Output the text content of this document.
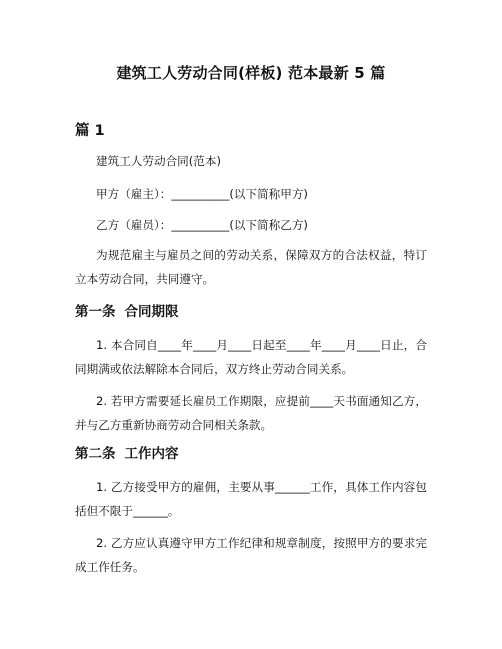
建筑工人劳动合同(样板) 范本最新 5 篇
篇 1
建筑工人劳动合同(范本)
甲方（雇主）：__________(以下简称甲方)
乙方（雇员）：__________(以下简称乙方)
为规范雇主与雇员之间的劳动关系，保障双方的合法权益，特订立本劳动合同，共同遵守。
第一条 合同期限
1. 本合同自____年____月____日起至____年____月____日止，合同期满或依法解除本合同后，双方终止劳动合同关系。
2. 若甲方需要延长雇员工作期限，应提前____天书面通知乙方，并与乙方重新协商劳动合同相关条款。
第二条 工作内容
1. 乙方接受甲方的雇佣，主要从事______工作，具体工作内容包括但不限于______。
2. 乙方应认真遵守甲方工作纪律和规章制度，按照甲方的要求完成工作任务。
